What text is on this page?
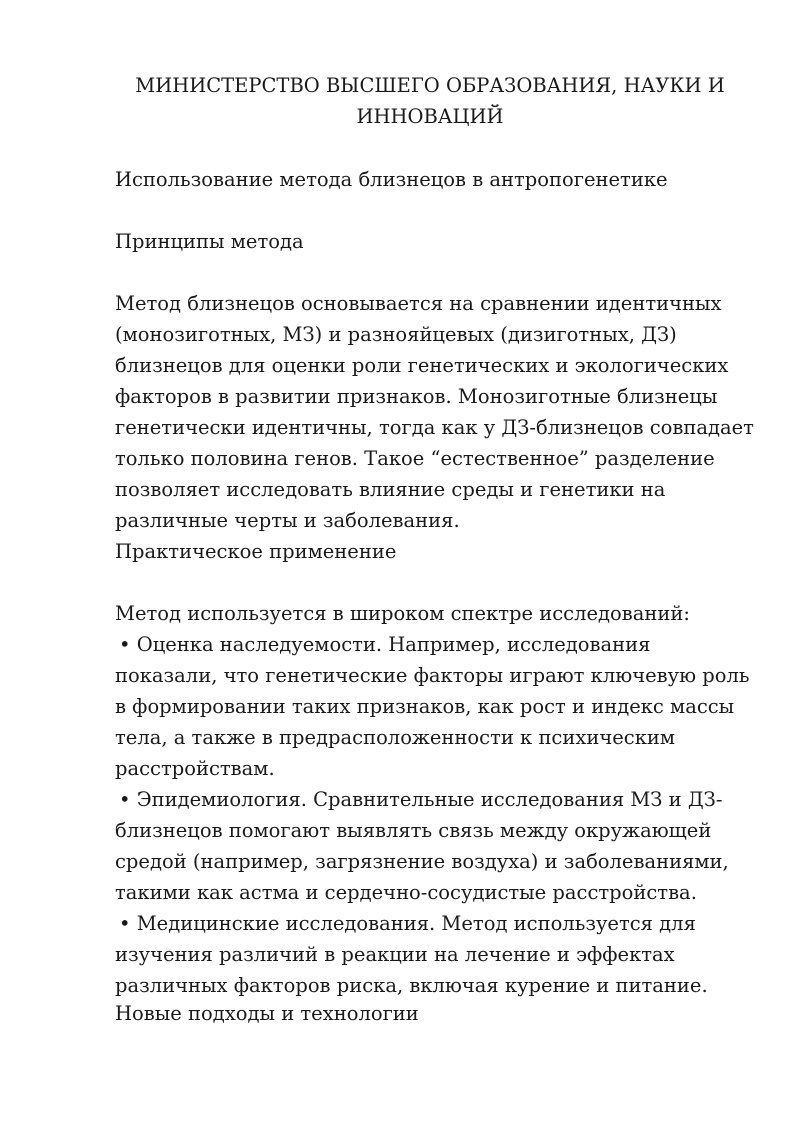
МИНИСТЕРСТВО ВЫСШЕГО ОБРАЗОВАНИЯ, НАУКИ И ИННОВАЦИЙ
Использование метода близнецов в антропогенетике
Принципы метода
Метод близнецов основывается на сравнении идентичных (монозиготных, МЗ) и разнояйцевых (дизиготных, ДЗ) близнецов для оценки роли генетических и экологических факторов в развитии признаков. Монозиготные близнецы генетически идентичны, тогда как у ДЗ-близнецов совпадает только половина генов. Такое “естественное” разделение позволяет исследовать влияние среды и генетики на различные черты и заболевания.
Практическое применение
Метод используется в широком спектре исследований:
• Оценка наследуемости. Например, исследования показали, что генетические факторы играют ключевую роль в формировании таких признаков, как рост и индекс массы тела, а также в предрасположенности к психическим расстройствам.
• Эпидемиология. Сравнительные исследования МЗ и ДЗ-близнецов помогают выявлять связь между окружающей средой (например, загрязнение воздуха) и заболеваниями, такими как астма и сердечно-сосудистые расстройства.
• Медицинские исследования. Метод используется для изучения различий в реакции на лечение и эффектах различных факторов риска, включая курение и питание.
Новые подходы и технологии
